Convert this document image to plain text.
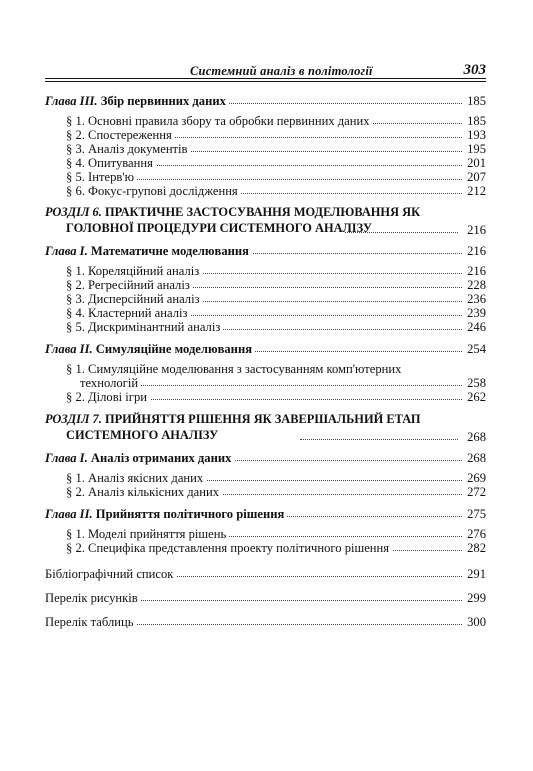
Системний аналіз в політології	303
Глава III. Збір первинних даних	185
§ 1. Основні правила збору та обробки первинних даних	185
§ 2. Спостереження	193
§ 3. Аналіз документів	195
§ 4. Опитування	201
§ 5. Інтерв'ю	207
§ 6. Фокус-групові дослідження	212
РОЗДІЛ 6. ПРАКТИЧНЕ ЗАСТОСУВАННЯ МОДЕЛЮВАННЯ ЯК
ГОЛОВНОЇ ПРОЦЕДУРИ СИСТЕМНОГО АНАЛІЗУ	216
Глава І. Математичне моделювання	216
§ 1. Кореляційний аналіз	216
§ 2. Регресійний аналіз	228
§ 3. Дисперсійний аналіз	236
§ 4. Кластерний аналіз	239
§ 5. Дискримінантний аналіз	246
Глава ІІ. Симуляційне моделювання	254
§ 1. Симуляційне моделювання з застосуванням комп'ютерних
технологій	258
§ 2. Ділові ігри	262
РОЗДІЛ 7. ПРИЙНЯТТЯ РІШЕННЯ ЯК ЗАВЕРШАЛЬНИЙ ЕТАП
СИСТЕМНОГО АНАЛІЗУ	268
Глава І. Аналіз отриманих даних	268
§ 1. Аналіз якісних даних	269
§ 2. Аналіз кількісних даних	272
Глава ІІ. Прийняття політичного рішення	275
§ 1. Моделі прийняття рішень	276
§ 2. Специфіка представлення проекту політичного рішення	282
Бібліографічний список	291
Перелік рисунків	299
Перелік таблиць	300
